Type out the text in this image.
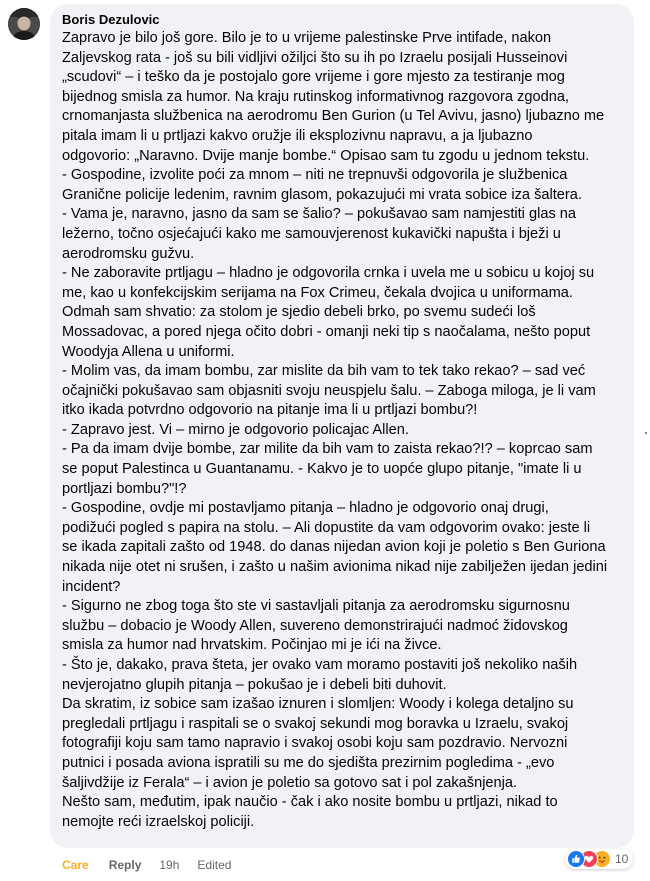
Boris Dezulovic

Zapravo je bilo još gore. Bilo je to u vrijeme palestinske Prve intifade, nakon

Zaljevskog rata - još su bili vidljivi ožiljci što su ih po Izraelu posijali Husseinovi

„scudovi“ – i teško da je postojalo gore vrijeme i gore mjesto za testiranje mog

bijednog smisla za humor. Na kraju rutinskog informativnog razgovora zgodna,

crnomanjasta službenica na aerodromu Ben Gurion (u Tel Avivu, jasno) ljubazno me

pitala imam li u prtljazi kakvo oružje ili eksplozivnu napravu, a ja ljubazno

odgovorio: „Naravno. Dvije manje bombe.“ Opisao sam tu zgodu u jednom tekstu.

- Gospodine, izvolite poći za mnom – niti ne trepnuvši odgovorila je službenica

Granične policije ledenim, ravnim glasom, pokazujući mi vrata sobice iza šaltera.

- Vama je, naravno, jasno da sam se šalio? – pokušavao sam namjestiti glas na

ležerno, točno osjećajući kako me samouvjerenost kukavički napušta i bježi u

aerodromsku gužvu.

- Ne zaboravite prtljagu – hladno je odgovorila crnka i uvela me u sobicu u kojoj su

me, kao u konfekcijskim serijama na Fox Crimeu, čekala dvojica u uniformama.

Odmah sam shvatio: za stolom je sjedio debeli brko, po svemu sudeći loš

Mossadovac, a pored njega očito dobri - omanji neki tip s naočalama, nešto poput

Woodyja Allena u uniformi.

- Molim vas, da imam bombu, zar mislite da bih vam to tek tako rekao? – sad već

očajnički pokušavao sam objasniti svoju neuspjelu šalu. – Zaboga miloga, je li vam

itko ikada potvrdno odgovorio na pitanje ima li u prtljazi bombu?!

- Zapravo jest. Vi – mirno je odgovorio policajac Allen.

- Pa da imam dvije bombe, zar milite da bih vam to zaista rekao?!? – koprcao sam

se poput Palestinca u Guantanamu. - Kakvo je to uopće glupo pitanje, "imate li u

portljazi bombu?"!?

- Gospodine, ovdje mi postavljamo pitanja – hladno je odgovorio onaj drugi,

podižući pogled s papira na stolu. – Ali dopustite da vam odgovorim ovako: jeste li

se ikada zapitali zašto od 1948. do danas nijedan avion koji je poletio s Ben Guriona

nikada nije otet ni srušen, i zašto u našim avionima nikad nije zabilježen ijedan jedini

incident?

- Sigurno ne zbog toga što ste vi sastavljali pitanja za aerodromsku sigurnosnu

službu – dobacio je Woody Allen, suvereno demonstrirajući nadmoć židovskog

smisla za humor nad hrvatskim. Počinjao mi je ići na živce.

- Što je, dakako, prava šteta, jer ovako vam moramo postaviti još nekoliko naših

nevjerojatno glupih pitanja – pokušao je i debeli biti duhovit.

Da skratim, iz sobice sam izašao iznuren i slomljen: Woody i kolega detaljno su

pregledali prtljagu i raspitali se o svakoj sekundi mog boravka u Izraelu, svakoj

fotografiji koju sam tamo napravio i svakoj osobi koju sam pozdravio. Nervozni

putnici i posada aviona ispratili su me do sjedišta prezirnim pogledima - „evo

šaljivdžije iz Ferala“ – i avion je poletio sa gotovo sat i pol zakašnjenja.

Nešto sam, međutim, ipak naučio - čak i ako nosite bombu u prtljazi, nikad to

nemojte reći izraelskoj policiji.

Care Reply 19h Edited	10
